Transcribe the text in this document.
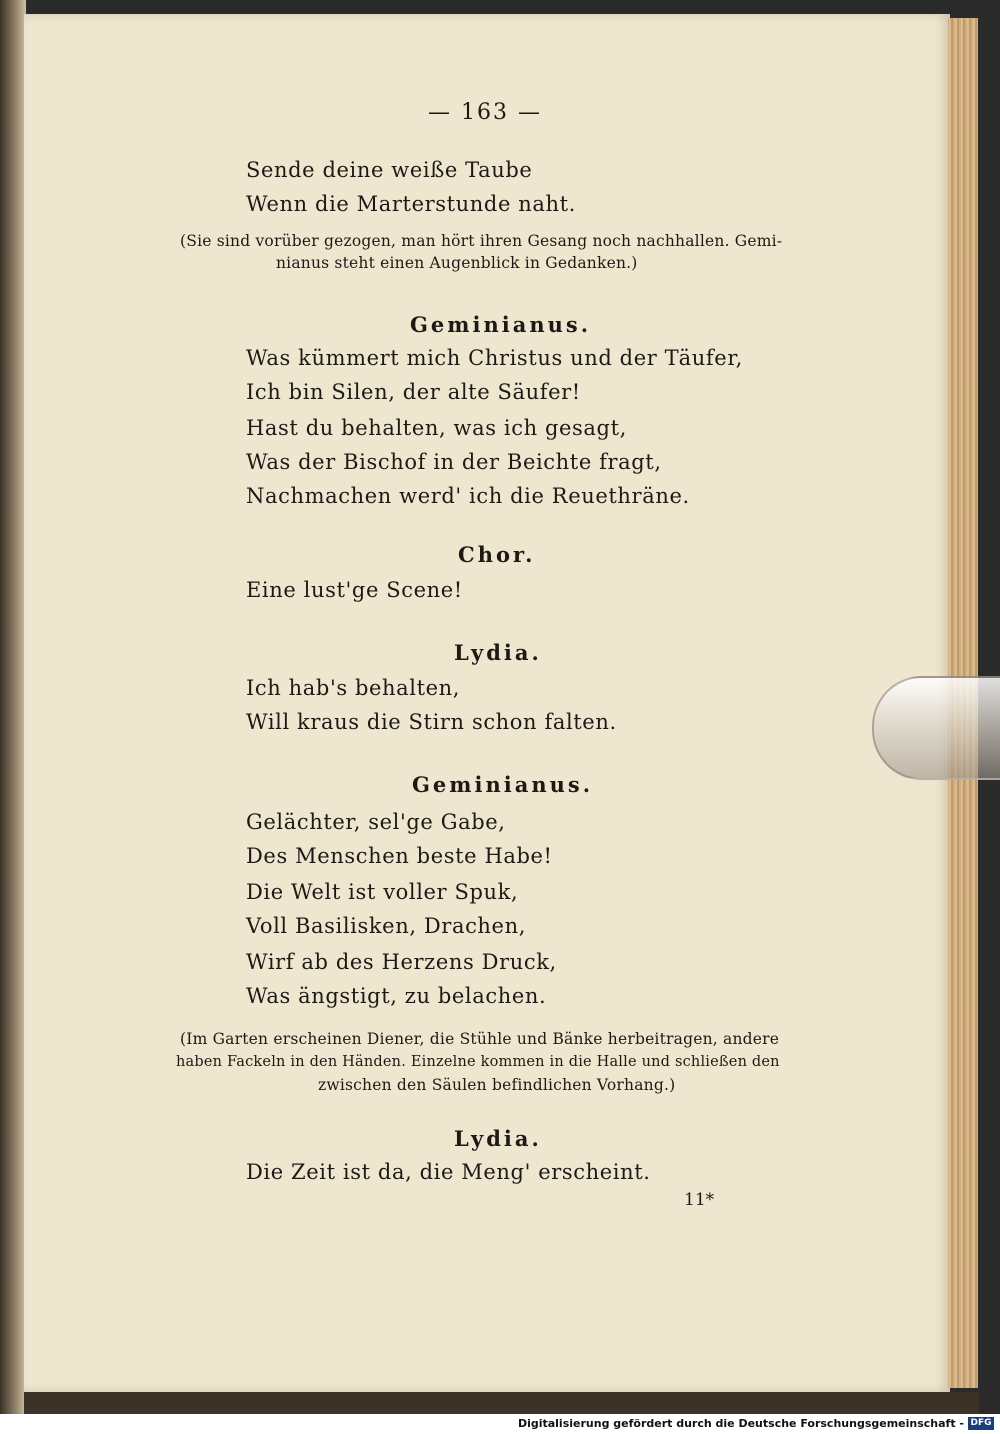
— 163 —
Sende deine weiße Taube
Wenn die Marterstunde naht.
(Sie sind vorüber gezogen, man hört ihren Gesang noch nachhallen. Gemi-
nianus steht einen Augenblick in Gedanken.)
Geminianus.
Was kümmert mich Christus und der Täufer,
Ich bin Silen, der alte Säufer!
Hast du behalten, was ich gesagt,
Was der Bischof in der Beichte fragt,
Nachmachen werd' ich die Reuethräne.
Chor.
Eine lust'ge Scene!
Lydia.
Ich hab's behalten,
Will kraus die Stirn schon falten.
Geminianus.
Gelächter, sel'ge Gabe,
Des Menschen beste Habe!
Die Welt ist voller Spuk,
Voll Basilisken, Drachen,
Wirf ab des Herzens Druck,
Was ängstigt, zu belachen.
(Im Garten erscheinen Diener, die Stühle und Bänke herbeitragen, andere
haben Fackeln in den Händen. Einzelne kommen in die Halle und schließen den
zwischen den Säulen befindlichen Vorhang.)
Lydia.
Die Zeit ist da, die Meng' erscheint.
11*
Digitalisierung gefördert durch die Deutsche Forschungsgemeinschaft - DFG
